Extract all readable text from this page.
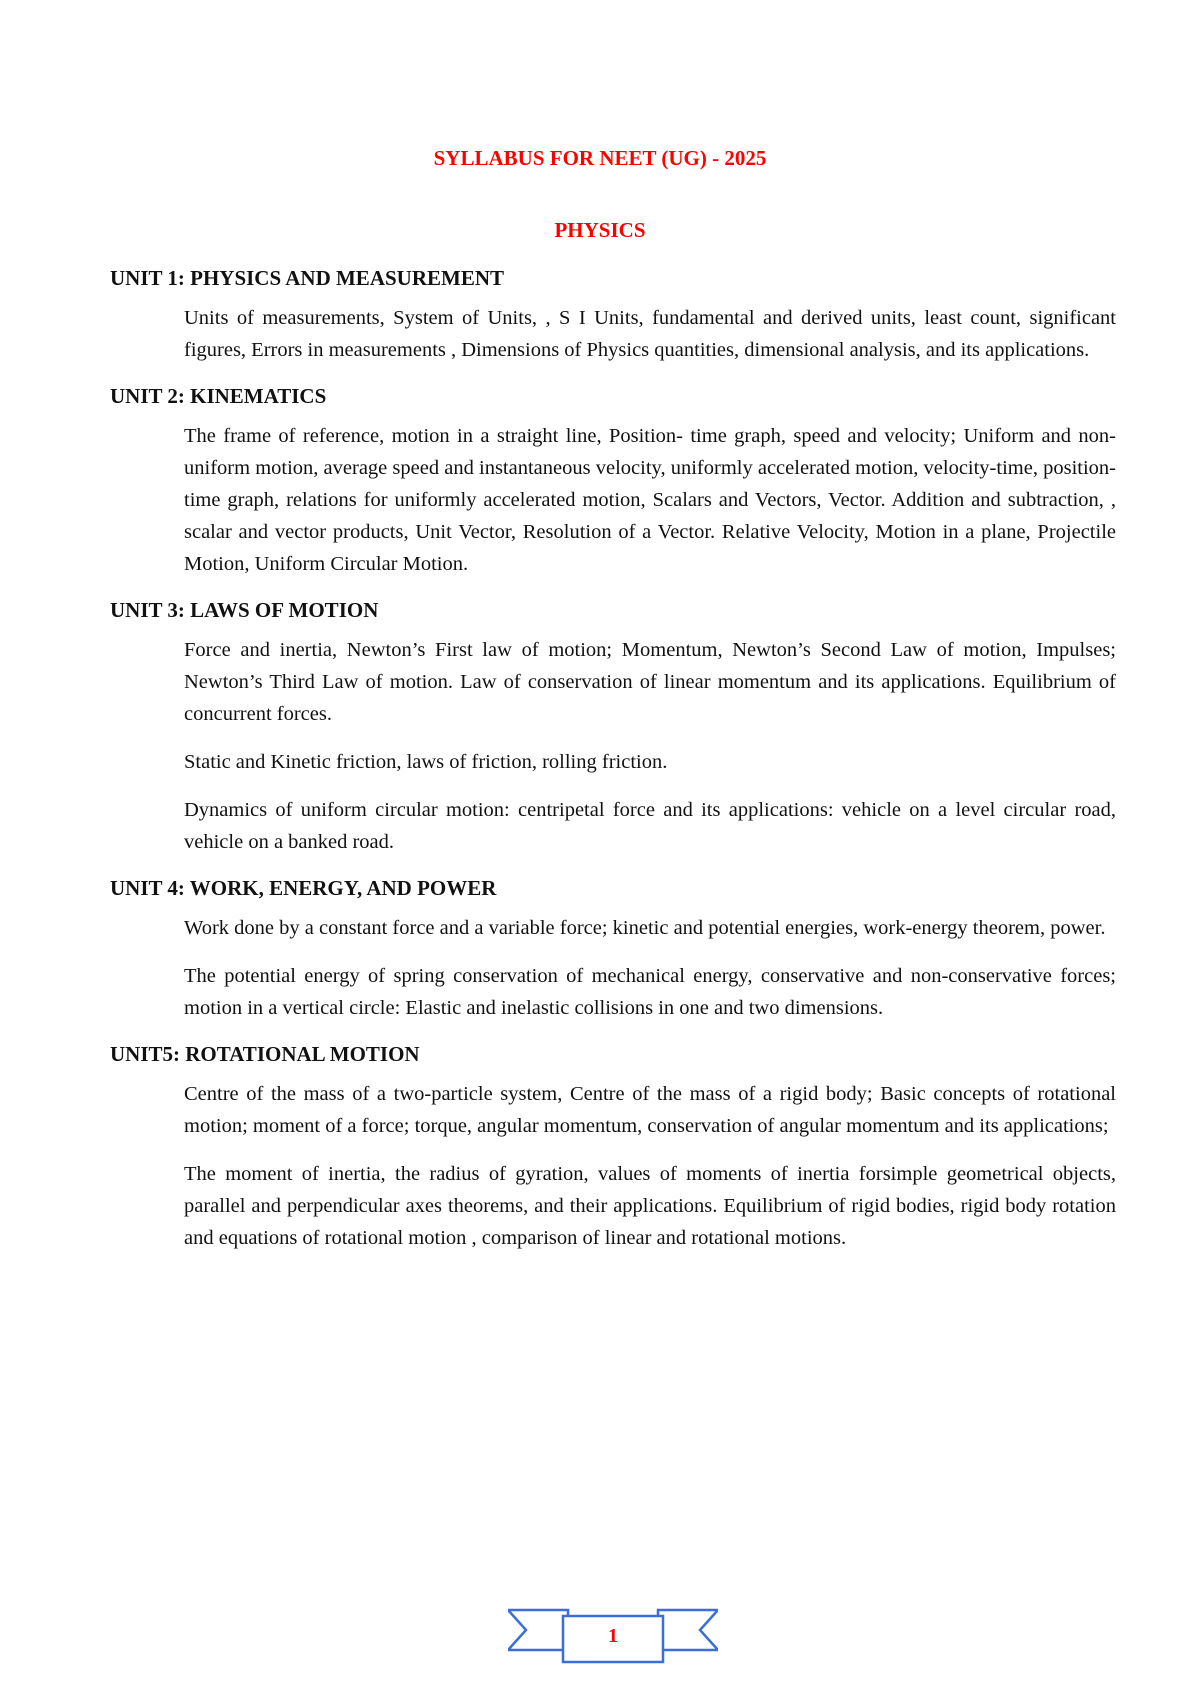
SYLLABUS FOR NEET (UG) - 2025
PHYSICS
UNIT 1: PHYSICS AND MEASUREMENT

Units of measurements, System of Units, , S I Units, fundamental and derived units, least count, significant figures, Errors in measurements , Dimensions of Physics quantities, dimensional analysis, and its applications.

UNIT 2: KINEMATICS

The frame of reference, motion in a straight line, Position- time graph, speed and velocity; Uniform and non-uniform motion, average speed and instantaneous velocity, uniformly accelerated motion, velocity-time, position-time graph, relations for uniformly accelerated motion, Scalars and Vectors, Vector. Addition and subtraction, , scalar and vector products, Unit Vector, Resolution of a Vector. Relative Velocity, Motion in a plane, Projectile Motion, Uniform Circular Motion.

UNIT 3: LAWS OF MOTION

Force and inertia, Newton’s First law of motion; Momentum, Newton’s Second Law of motion, Impulses; Newton’s Third Law of motion. Law of conservation of linear momentum and its applications. Equilibrium of concurrent forces.

Static and Kinetic friction, laws of friction, rolling friction.

Dynamics of uniform circular motion: centripetal force and its applications: vehicle on a level circular road, vehicle on a banked road.

UNIT 4: WORK, ENERGY, AND POWER

Work done by a constant force and a variable force; kinetic and potential energies, work-energy theorem, power.

The potential energy of spring conservation of mechanical energy, conservative and non-conservative forces; motion in a vertical circle: Elastic and inelastic collisions in one and two dimensions.

UNIT5: ROTATIONAL MOTION

Centre of the mass of a two-particle system, Centre of the mass of a rigid body; Basic concepts of rotational motion; moment of a force; torque, angular momentum, conservation of angular momentum and its applications;

The moment of inertia, the radius of gyration, values of moments of inertia forsimple geometrical objects, parallel and perpendicular axes theorems, and their applications. Equilibrium of rigid bodies, rigid body rotation and equations of rotational motion , comparison of linear and rotational motions.

1
